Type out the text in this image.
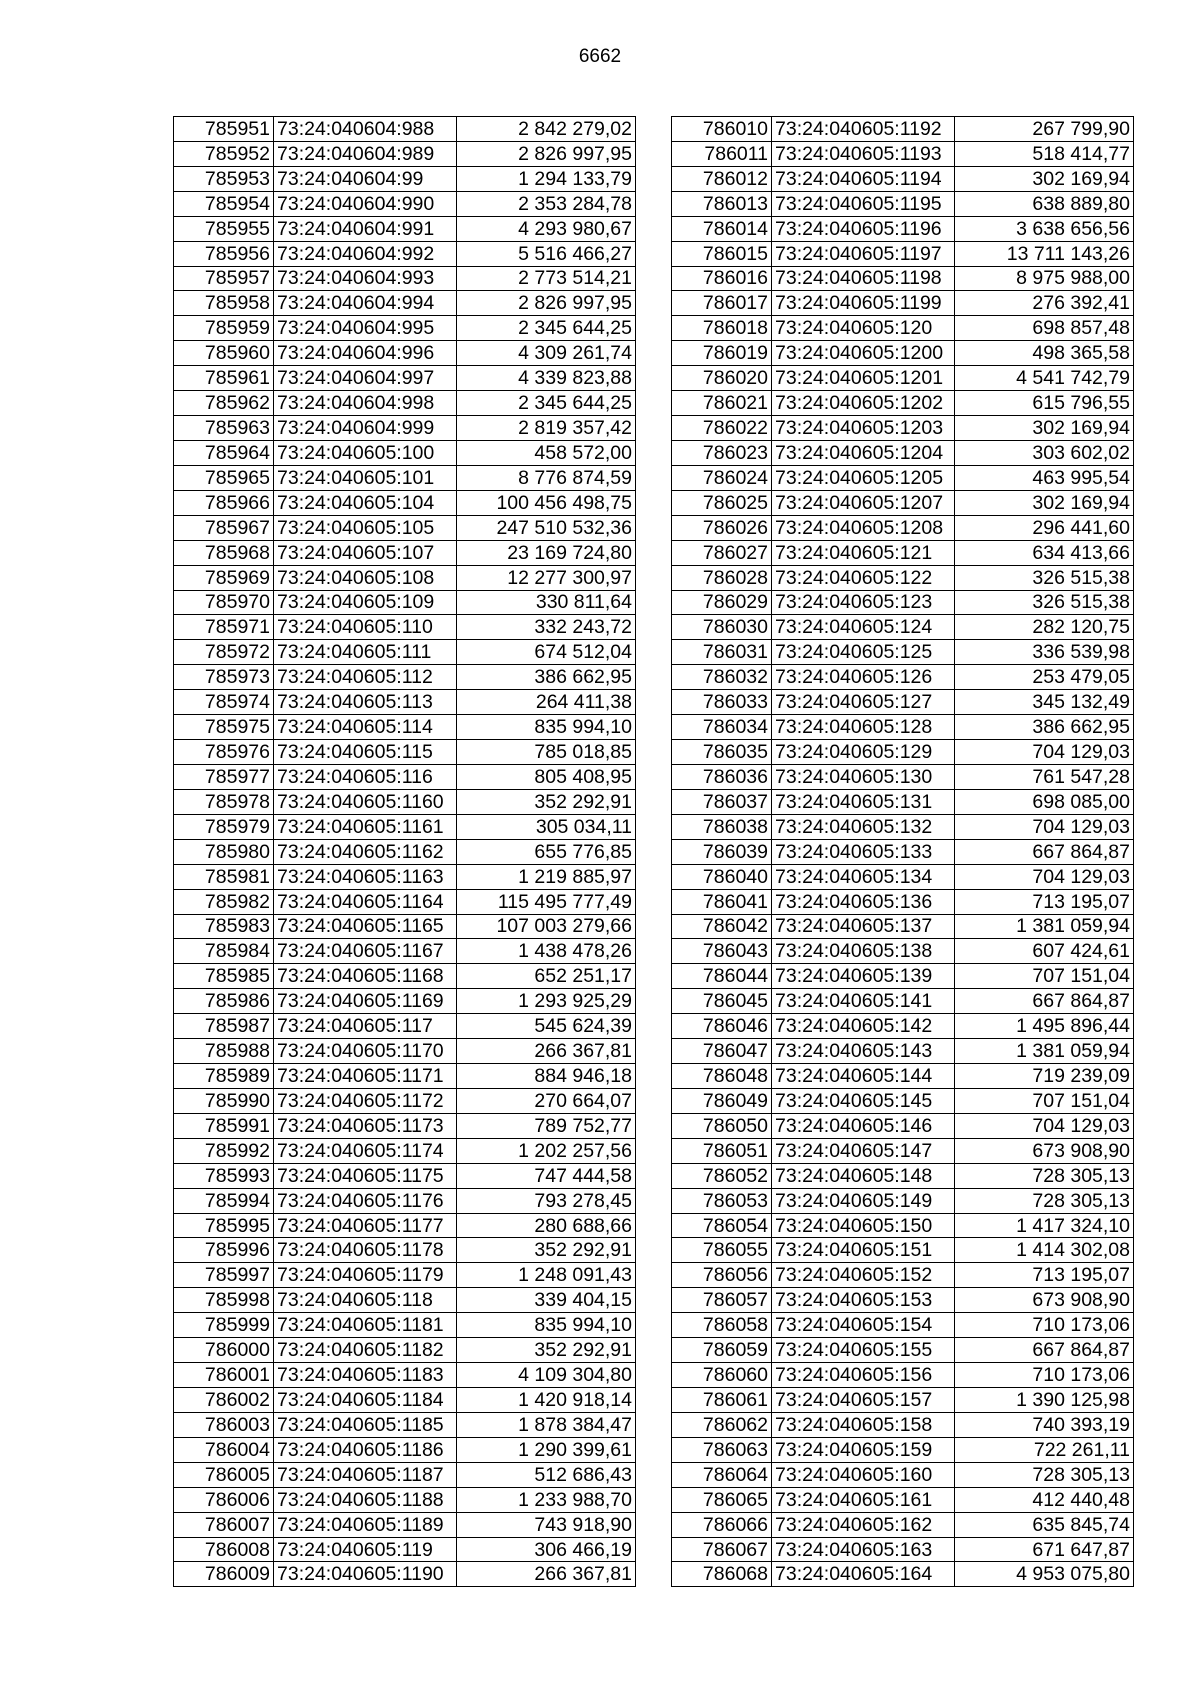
6662
785951	73:24:040604:988	2 842 279,02
785952	73:24:040604:989	2 826 997,95
785953	73:24:040604:99	1 294 133,79
785954	73:24:040604:990	2 353 284,78
785955	73:24:040604:991	4 293 980,67
785956	73:24:040604:992	5 516 466,27
785957	73:24:040604:993	2 773 514,21
785958	73:24:040604:994	2 826 997,95
785959	73:24:040604:995	2 345 644,25
785960	73:24:040604:996	4 309 261,74
785961	73:24:040604:997	4 339 823,88
785962	73:24:040604:998	2 345 644,25
785963	73:24:040604:999	2 819 357,42
785964	73:24:040605:100	458 572,00
785965	73:24:040605:101	8 776 874,59
785966	73:24:040605:104	100 456 498,75
785967	73:24:040605:105	247 510 532,36
785968	73:24:040605:107	23 169 724,80
785969	73:24:040605:108	12 277 300,97
785970	73:24:040605:109	330 811,64
785971	73:24:040605:110	332 243,72
785972	73:24:040605:111	674 512,04
785973	73:24:040605:112	386 662,95
785974	73:24:040605:113	264 411,38
785975	73:24:040605:114	835 994,10
785976	73:24:040605:115	785 018,85
785977	73:24:040605:116	805 408,95
785978	73:24:040605:1160	352 292,91
785979	73:24:040605:1161	305 034,11
785980	73:24:040605:1162	655 776,85
785981	73:24:040605:1163	1 219 885,97
785982	73:24:040605:1164	115 495 777,49
785983	73:24:040605:1165	107 003 279,66
785984	73:24:040605:1167	1 438 478,26
785985	73:24:040605:1168	652 251,17
785986	73:24:040605:1169	1 293 925,29
785987	73:24:040605:117	545 624,39
785988	73:24:040605:1170	266 367,81
785989	73:24:040605:1171	884 946,18
785990	73:24:040605:1172	270 664,07
785991	73:24:040605:1173	789 752,77
785992	73:24:040605:1174	1 202 257,56
785993	73:24:040605:1175	747 444,58
785994	73:24:040605:1176	793 278,45
785995	73:24:040605:1177	280 688,66
785996	73:24:040605:1178	352 292,91
785997	73:24:040605:1179	1 248 091,43
785998	73:24:040605:118	339 404,15
785999	73:24:040605:1181	835 994,10
786000	73:24:040605:1182	352 292,91
786001	73:24:040605:1183	4 109 304,80
786002	73:24:040605:1184	1 420 918,14
786003	73:24:040605:1185	1 878 384,47
786004	73:24:040605:1186	1 290 399,61
786005	73:24:040605:1187	512 686,43
786006	73:24:040605:1188	1 233 988,70
786007	73:24:040605:1189	743 918,90
786008	73:24:040605:119	306 466,19
786009	73:24:040605:1190	266 367,81
786010	73:24:040605:1192	267 799,90
786011	73:24:040605:1193	518 414,77
786012	73:24:040605:1194	302 169,94
786013	73:24:040605:1195	638 889,80
786014	73:24:040605:1196	3 638 656,56
786015	73:24:040605:1197	13 711 143,26
786016	73:24:040605:1198	8 975 988,00
786017	73:24:040605:1199	276 392,41
786018	73:24:040605:120	698 857,48
786019	73:24:040605:1200	498 365,58
786020	73:24:040605:1201	4 541 742,79
786021	73:24:040605:1202	615 796,55
786022	73:24:040605:1203	302 169,94
786023	73:24:040605:1204	303 602,02
786024	73:24:040605:1205	463 995,54
786025	73:24:040605:1207	302 169,94
786026	73:24:040605:1208	296 441,60
786027	73:24:040605:121	634 413,66
786028	73:24:040605:122	326 515,38
786029	73:24:040605:123	326 515,38
786030	73:24:040605:124	282 120,75
786031	73:24:040605:125	336 539,98
786032	73:24:040605:126	253 479,05
786033	73:24:040605:127	345 132,49
786034	73:24:040605:128	386 662,95
786035	73:24:040605:129	704 129,03
786036	73:24:040605:130	761 547,28
786037	73:24:040605:131	698 085,00
786038	73:24:040605:132	704 129,03
786039	73:24:040605:133	667 864,87
786040	73:24:040605:134	704 129,03
786041	73:24:040605:136	713 195,07
786042	73:24:040605:137	1 381 059,94
786043	73:24:040605:138	607 424,61
786044	73:24:040605:139	707 151,04
786045	73:24:040605:141	667 864,87
786046	73:24:040605:142	1 495 896,44
786047	73:24:040605:143	1 381 059,94
786048	73:24:040605:144	719 239,09
786049	73:24:040605:145	707 151,04
786050	73:24:040605:146	704 129,03
786051	73:24:040605:147	673 908,90
786052	73:24:040605:148	728 305,13
786053	73:24:040605:149	728 305,13
786054	73:24:040605:150	1 417 324,10
786055	73:24:040605:151	1 414 302,08
786056	73:24:040605:152	713 195,07
786057	73:24:040605:153	673 908,90
786058	73:24:040605:154	710 173,06
786059	73:24:040605:155	667 864,87
786060	73:24:040605:156	710 173,06
786061	73:24:040605:157	1 390 125,98
786062	73:24:040605:158	740 393,19
786063	73:24:040605:159	722 261,11
786064	73:24:040605:160	728 305,13
786065	73:24:040605:161	412 440,48
786066	73:24:040605:162	635 845,74
786067	73:24:040605:163	671 647,87
786068	73:24:040605:164	4 953 075,80
